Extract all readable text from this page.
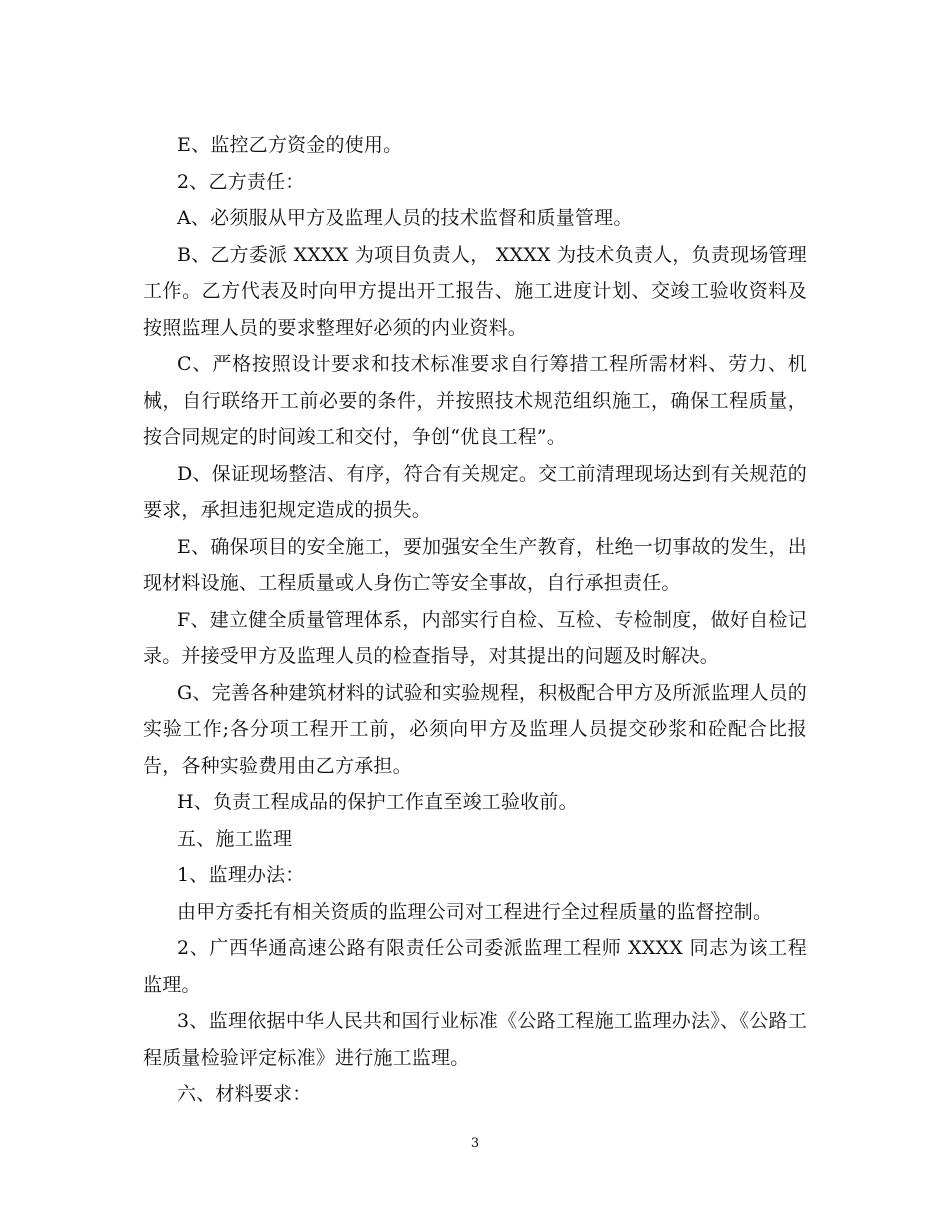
E、监控乙方资金的使用。

2、乙方责任：

A、必须服从甲方及监理人员的技术监督和质量管理。

B、乙方委派 XXXX 为项目负责人， XXXX 为技术负责人，负责现场管理工作。乙方代表及时向甲方提出开工报告、施工进度计划、交竣工验收资料及按照监理人员的要求整理好必须的内业资料。

C、严格按照设计要求和技术标准要求自行筹措工程所需材料、劳力、机械，自行联络开工前必要的条件，并按照技术规范组织施工，确保工程质量，按合同规定的时间竣工和交付，争创“优良工程”。

D、保证现场整洁、有序，符合有关规定。交工前清理现场达到有关规范的要求，承担违犯规定造成的损失。

E、确保项目的安全施工，要加强安全生产教育，杜绝一切事故的发生，出现材料设施、工程质量或人身伤亡等安全事故，自行承担责任。

F、建立健全质量管理体系，内部实行自检、互检、专检制度，做好自检记录。并接受甲方及监理人员的检查指导，对其提出的问题及时解决。

G、完善各种建筑材料的试验和实验规程，积极配合甲方及所派监理人员的实验工作;各分项工程开工前，必须向甲方及监理人员提交砂浆和砼配合比报告，各种实验费用由乙方承担。

H、负责工程成品的保护工作直至竣工验收前。

五、施工监理

1、监理办法：

由甲方委托有相关资质的监理公司对工程进行全过程质量的监督控制。

2、广西华通高速公路有限责任公司委派监理工程师 XXXX 同志为该工程监理。

3、监理依据中华人民共和国行业标准《公路工程施工监理办法》、《公路工程质量检验评定标准》进行施工监理。

六、材料要求：

3
